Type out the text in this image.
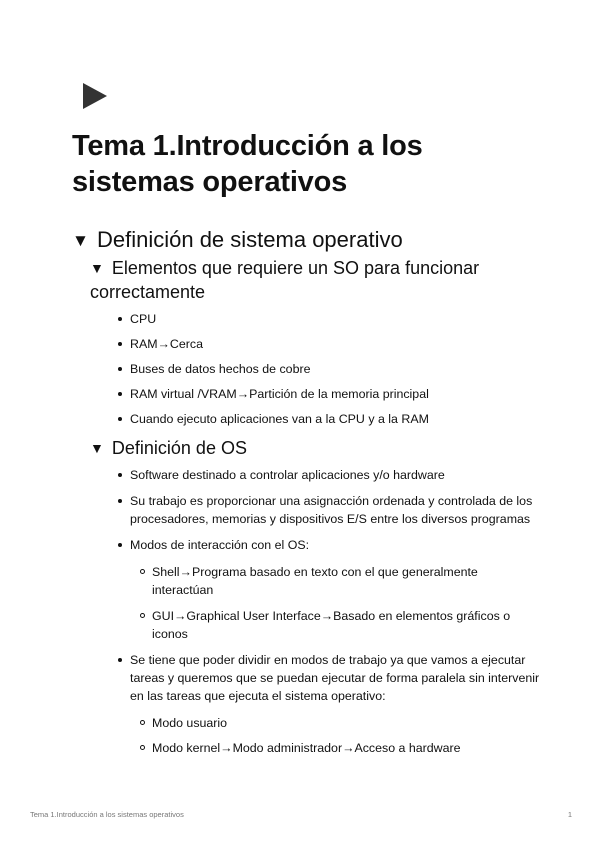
Tema 1.Introducción a los sistemas operativos
▼ Definición de sistema operativo
▼ Elementos que requiere un SO para funcionar correctamente
CPU
RAM→Cerca
Buses de datos hechos de cobre
RAM virtual /VRAM→Partición de la memoria principal
Cuando ejecuto aplicaciones van a la CPU y a la RAM
▼ Definición de OS
Software destinado a controlar aplicaciones y/o hardware
Su trabajo es proporcionar una asignacción ordenada y controlada de los procesadores, memorias y dispositivos E/S entre los diversos programas
Modos de interacción con el OS:
Shell→Programa basado en texto con el que generalmente interactúan
GUI→Graphical User Interface→Basado en elementos gráficos o iconos
Se tiene que poder dividir en modos de trabajo ya que vamos a ejecutar tareas y queremos que se puedan ejecutar de forma paralela sin intervenir en las tareas que ejecuta el sistema operativo:
Modo usuario
Modo kernel→Modo administrador→Acceso a hardware
Tema 1.Introducción a los sistemas operativos	1
